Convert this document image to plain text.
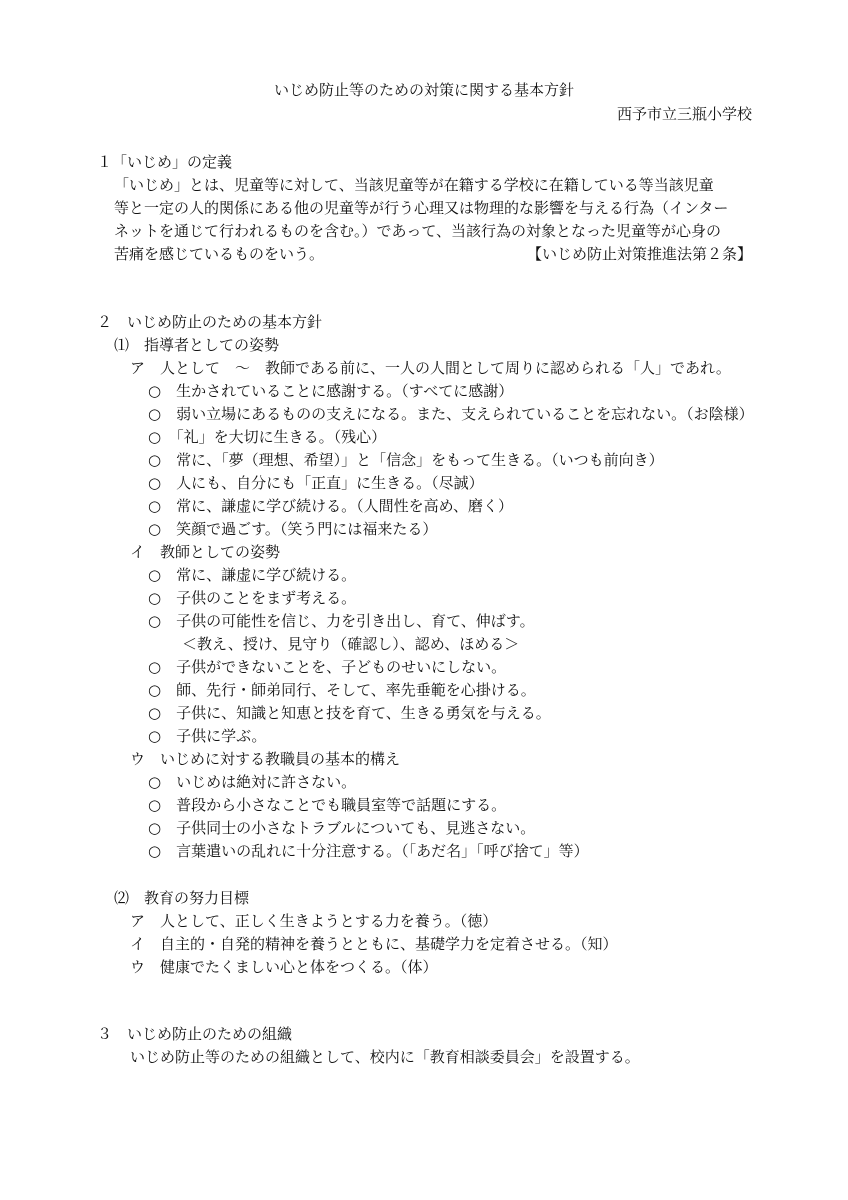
いじめ防止等のための対策に関する基本方針
西予市立三瓶小学校
１「いじめ」の定義
「いじめ」とは、児童等に対して、当該児童等が在籍する学校に在籍している等当該児童
等と一定の人的関係にある他の児童等が行う心理又は物理的な影響を与える行為（インター
ネットを通じて行われるものを含む。）であって、当該行為の対象となった児童等が心身の
苦痛を感じているものをいう。	【いじめ防止対策推進法第２条】
２　いじめ防止のための基本方針
⑴　指導者としての姿勢
ア　人として　～　教師である前に、一人の人間として周りに認められる「人」であれ。
○　生かされていることに感謝する。（すべてに感謝）
○　弱い立場にあるものの支えになる。また、支えられていることを忘れない。（お陰様）
○　「礼」を大切に生きる。（残心）
○　常に、「夢（理想、希望）」と「信念」をもって生きる。（いつも前向き）
○　人にも、自分にも「正直」に生きる。（尽誠）
○　常に、謙虚に学び続ける。（人間性を高め、磨く）
○　笑顔で過ごす。（笑う門には福来たる）
イ　教師としての姿勢
○　常に、謙虚に学び続ける。
○　子供のことをまず考える。
○　子供の可能性を信じ、力を引き出し、育て、伸ばす。
＜教え、授け、見守り（確認し）、認め、ほめる＞
○　子供ができないことを、子どものせいにしない。
○　師、先行・師弟同行、そして、率先垂範を心掛ける。
○　子供に、知識と知恵と技を育て、生きる勇気を与える。
○　子供に学ぶ。
ウ　いじめに対する教職員の基本的構え
○　いじめは絶対に許さない。
○　普段から小さなことでも職員室等で話題にする。
○　子供同士の小さなトラブルについても、見逃さない。
○　言葉遣いの乱れに十分注意する。（「あだ名」「呼び捨て」等）
⑵　教育の努力目標
ア　人として、正しく生きようとする力を養う。（徳）
イ　自主的・自発的精神を養うとともに、基礎学力を定着させる。（知）
ウ　健康でたくましい心と体をつくる。（体）
３　いじめ防止のための組織
いじめ防止等のための組織として、校内に「教育相談委員会」を設置する。
